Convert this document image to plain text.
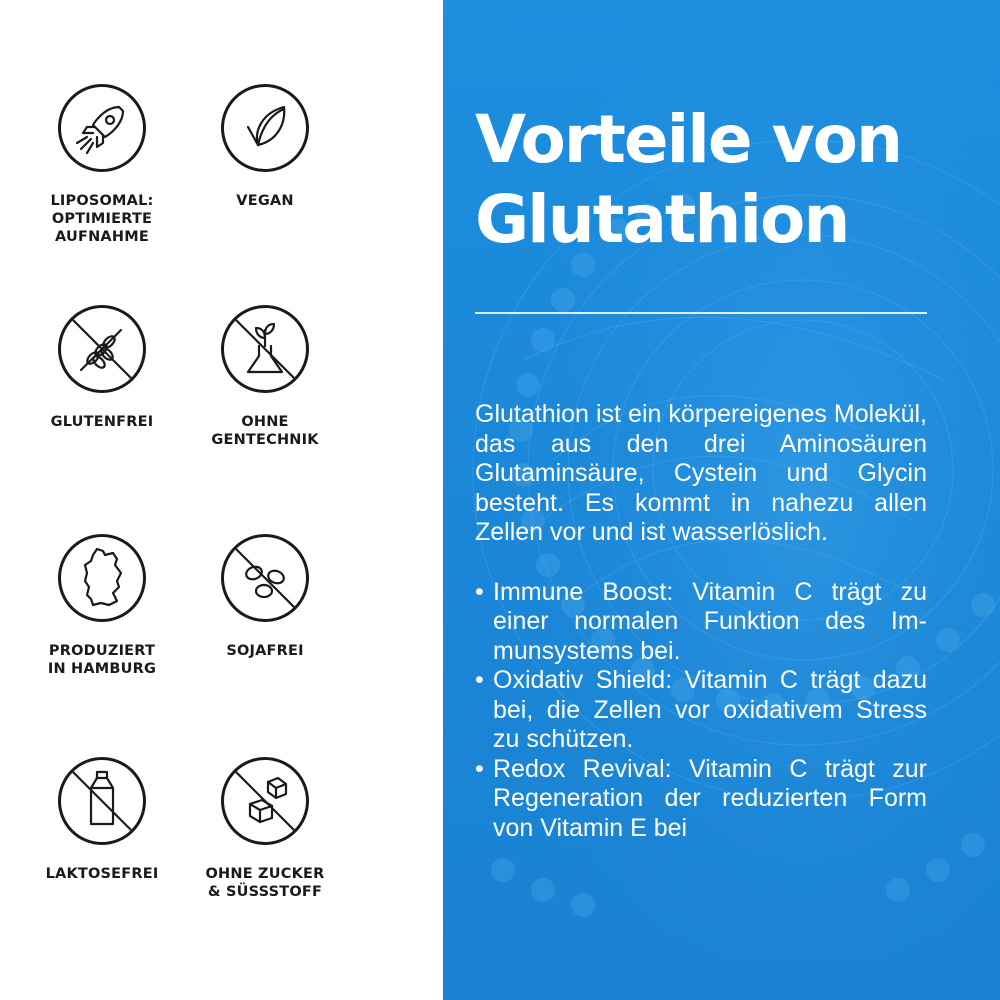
LIPOSOMAL:
OPTIMIERTE
AUFNAHME
VEGAN
GLUTENFREI	OHNE
GENTECHNIK
PRODUZIERT
IN HAMBURG
SOJAFREI
LAKTOSEFREI	OHNE ZUCKER
& SÜSSSTOFF
Vorteile von
Glutathion

Glutathion ist ein körpereigenes Molekül, das aus den drei Aminosäuren Glutaminsäure, Cystein und Glycin besteht. Es kommt in nahezu allen Zellen vor und ist wasserlöslich.

• Immune Boost: Vitamin C trägt zu einer normalen Funktion des Immunsystems bei.
• Oxidativ Shield: Vitamin C trägt dazu bei, die Zellen vor oxidativem Stress zu schützen.
• Redox Revival: Vitamin C trägt zur Regeneration der reduzierten Form von Vitamin E bei
